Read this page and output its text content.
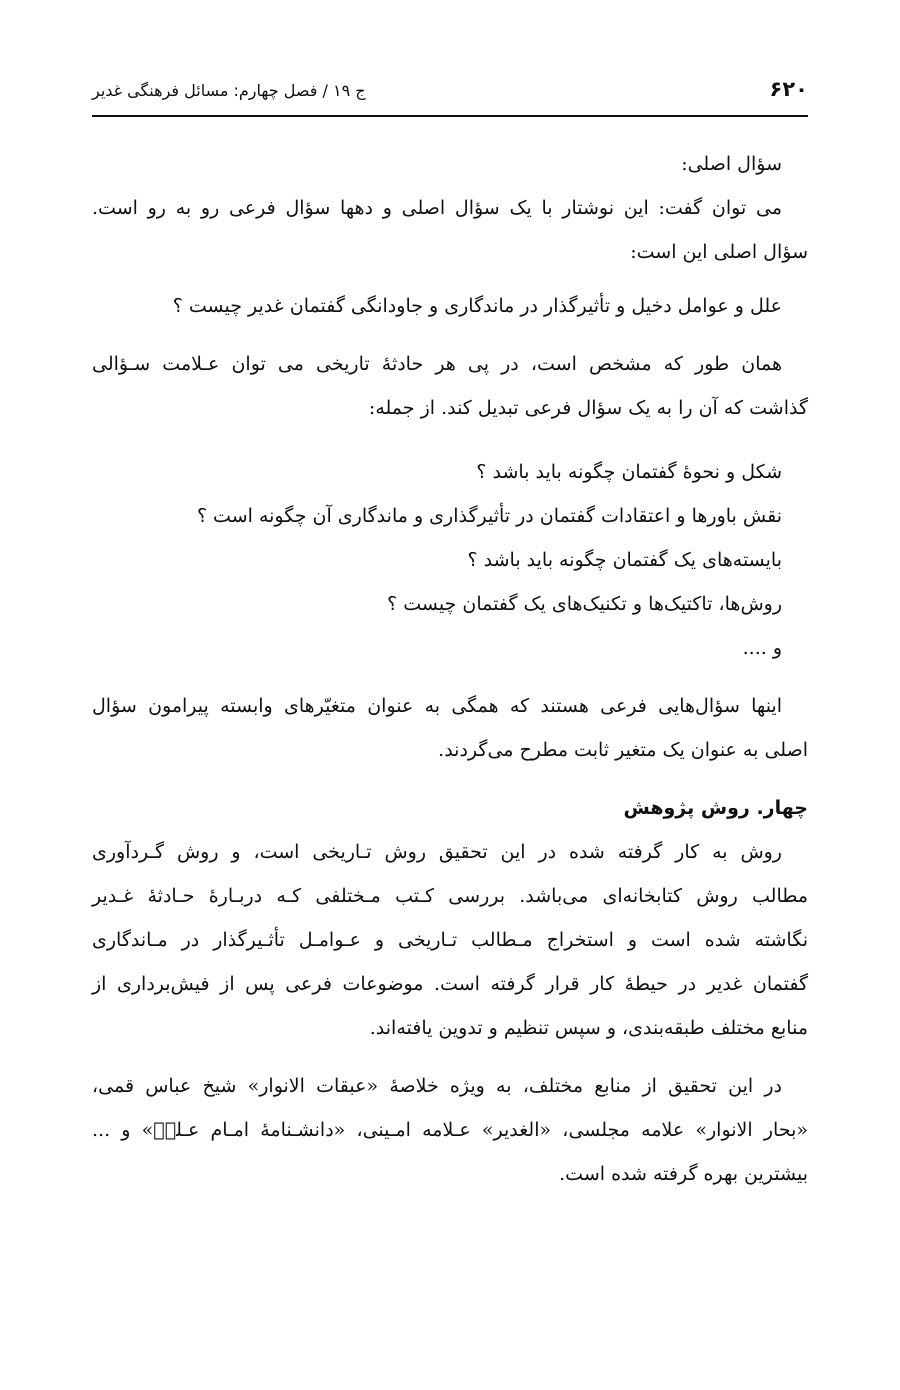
۶۲۰
ج ۱۹ / فصل چهارم: مسائل فرهنگی غدیر
سؤال اصلی:
می توان گفت: این نوشتار با یک سؤال اصلی و دهها سؤال فرعی رو به رو است.
سؤال اصلی این است:
علل و عوامل دخیل و تأثیرگذار در ماندگاری و جاودانگی گفتمان غدیر چیست ؟
همان طور که مشخص است، در پی هر حادثهٔ تاریخی می توان عـلامت سـؤالی
گذاشت که آن را به یک سؤال فرعی تبدیل کند. از جمله:
شکل و نحوهٔ گفتمان چگونه باید باشد ؟
نقش باورها و اعتقادات گفتمان در تأثیرگذاری و ماندگاری آن چگونه است ؟
بایسته‌های یک گفتمان چگونه باید باشد ؟
روش‌ها، تاکتیک‌ها و تکنیک‌های یک گفتمان چیست ؟
و ....
اینها سؤال‌هایی فرعی هستند که همگی به عنوان متغیّرهای وابسته پیرامون سؤال
اصلی به عنوان یک متغیر ثابت مطرح می‌گردند.
چهار. روش پژوهش
روش به کار گرفته شده در این تحقیق روش تـاریخی است، و روش گـردآوری
مطالب روش کتابخانه‌ای می‌باشد. بررسی کـتب مـختلفی کـه دربـارهٔ حـادثهٔ غـدیر
نگاشته شده است و استخراج مـطالب تـاریخی و عـوامـل تأثـیرگذار در مـاندگاری
گفتمان غدیر در حیطهٔ کار قرار گرفته است. موضوعات فرعی پس از فیش‌برداری از
منابع مختلف طبقه‌بندی، و سپس تنظیم و تدوین یافته‌اند.
در این تحقیق از منابع مختلف، به ویژه خلاصهٔ «عبقات الانوار» شیخ عباس قمی،
«بحار الانوار» علامه مجلسی، «الغدیر» عـلامه امـینی، «دانشـنامهٔ امـام عـلیؑ» و ...
بیشترین بهره گرفته شده است.
